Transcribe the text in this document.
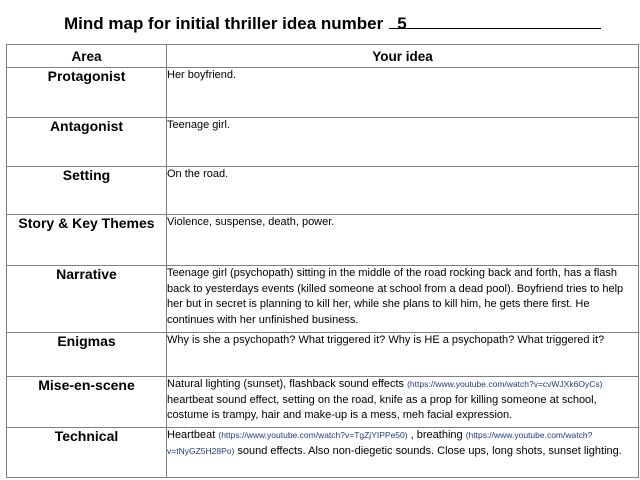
Mind map for initial thriller idea number 5
Area	Your idea
Protagonist	Her boyfriend.
Antagonist	Teenage girl.
Setting	On the road.
Story & Key Themes	Violence, suspense, death, power.
Narrative	Teenage girl (psychopath) sitting in the middle of the road rocking back and forth, has a flash back to yesterdays events (killed someone at school from a dead pool). Boyfriend tries to help her but in secret is planning to kill her, while she plans to kill him, he gets there first. He continues with her unfinished business.
Enigmas	Why is she a psychopath? What triggered it? Why is HE a psychopath? What triggered it?
Mise-en-scene	Natural lighting (sunset), flashback sound effects (https://www.youtube.com/watch?v=cvWJXk6OyCs) heartbeat sound effect, setting on the road, knife as a prop for killing someone at school, costume is trampy, hair and make-up is a mess, meh facial expression.
Technical	Heartbeat (https://www.youtube.com/watch?v=TgZjYIPPe50) , breathing (https://www.youtube.com/watch?v=tNyGZ5H28Po) sound effects. Also non-diegetic sounds. Close ups, long shots, sunset lighting.
